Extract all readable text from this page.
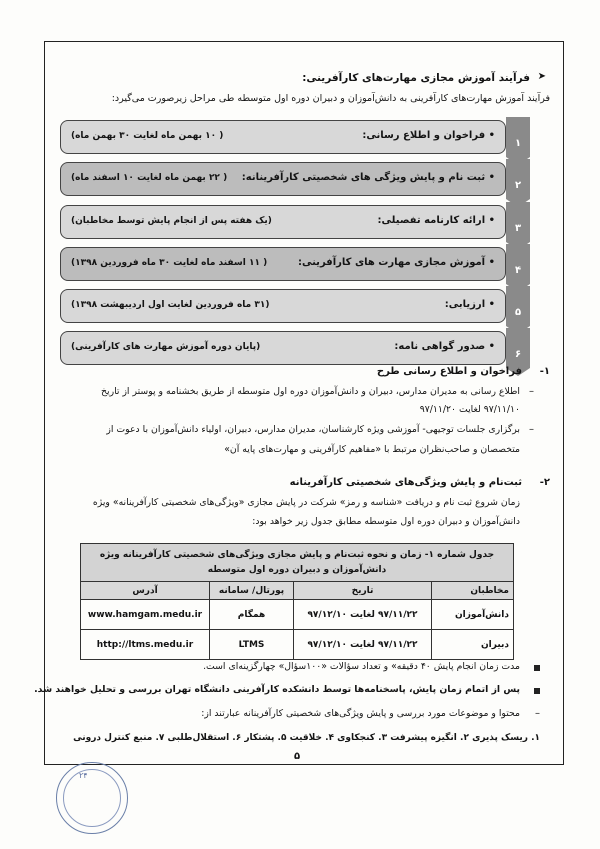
➤
فرآیند آموزش مجازی مهارت‌های کارآفرینی:
فرآیند آموزش مهارت‌های کارآفرینی به دانش‌آموزان و دبیران دوره اول متوسطه طی مراحل زیرصورت می‌گیرد:
• فراخوان و اطلاع رسانی:
( ۱۰ بهمن ماه لغایت ۳۰ بهمن ماه)
۱
• ثبت نام و پایش ویژگی های شخصیتی کارآفرینانه:
( ۲۲ بهمن ماه لغایت ۱۰ اسفند ماه)
۲
• ارائه کارنامه تفصیلی:
(یک هفته پس از انجام پایش توسط مخاطبان)
۳
• آموزش مجازی مهارت های کارآفرینی:
( ۱۱ اسفند ماه لغایت ۳۰ ماه فروردین ۱۳۹۸)
۴
• ارزیابی:
(۳۱ ماه فروردین لغایت اول اردیبهشت ۱۳۹۸)
۵
• صدور گواهی نامه:
(پایان دوره آموزش مهارت های کارآفرینی)
۶
۱-
فراخوان و اطلاع رسانی طرح
–
اطلاع رسانی به مدیران مدارس، دبیران و دانش‌آموزان دوره اول متوسطه از طریق بخشنامه و پوستر از تاریخ
۹۷/۱۱/۱۰ لغایت ۹۷/۱۱/۲۰
–
برگزاری جلسات توجیهی- آموزشی ویژه کارشناسان، مدیران مدارس، دبیران، اولیاء دانش‌آموزان با دعوت از
متخصصان و صاحب‌نظران مرتبط با «مفاهیم کارآفرینی و مهارت‌های پایه آن»
۲-
ثبت‌نام و پایش ویژگی‌های شخصیتی کارآفرینانه
زمان شروع ثبت نام و دریافت «شناسه و رمز» شرکت در پایش مجازی «ویژگی‌های شخصیتی کارآفرینانه» ویژه
دانش‌آموزان و دبیران دوره اول متوسطه مطابق جدول زیر خواهد بود:
جدول شماره ۱- زمان و نحوه ثبت‌نام و پایش مجازی ویژگی‌های شخصیتی کارآفرینانه ویژه
دانش‌آموزان و دبیران دوره اول متوسطه			

مخاطبان	تاریخ	پورتال/ سامانه	آدرس
دانش‌آموزان	۹۷/۱۱/۲۲ لغایت ۹۷/۱۲/۱۰	همگام	www.hamgam.medu.ir
دبیران	۹۷/۱۱/۲۲ لغایت ۹۷/۱۲/۱۰	LTMS	http://ltms.medu.ir
مدت زمان انجام پایش ۴۰ دقیقه» و تعداد سؤالات «۱۰۰سؤال» چهارگزینه‌ای است.
پس از اتمام زمان پایش، پاسخنامه‌ها توسط دانشکده کارآفرینی دانشگاه تهران بررسی و تحلیل خواهند شد.
–
محتوا و موضوعات مورد بررسی و پایش ویژگی‌های شخصیتی کارآفرینانه عبارتند از:
۱. ریسک پذیری ۲. انگیزه پیشرفت ۳. کنجکاوی ۴. خلاقیت ۵. پشتکار ۶. استقلال‌طلبی ۷. منبع کنترل درونی
۵
۲۴
